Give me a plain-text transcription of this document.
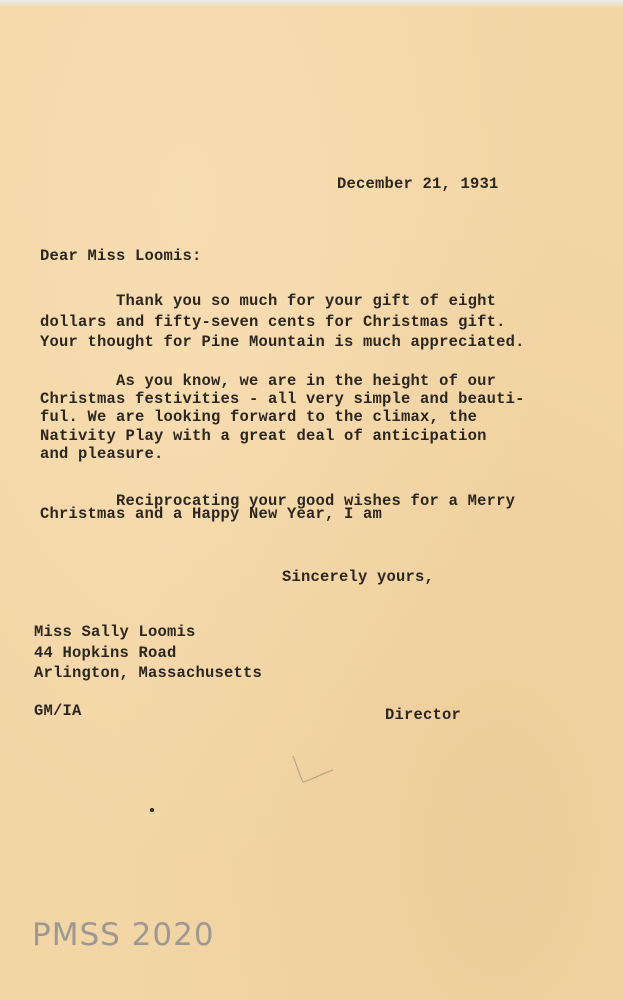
December 21, 1931
Dear Miss Loomis:
Thank you so much for your gift of eight
dollars and fifty-seven cents for Christmas gift.
Your thought for Pine Mountain is much appreciated.
As you know, we are in the height of our
Christmas festivities - all very simple and beauti-
ful. We are looking forward to the climax, the
Nativity Play with a great deal of anticipation
and pleasure.
Reciprocating your good wishes for a Merry
Christmas and a Happy New Year, I am
Sincerely yours,
Miss Sally Loomis
44 Hopkins Road
Arlington, Massachusetts
GM/IA	Director
PMSS 2020
